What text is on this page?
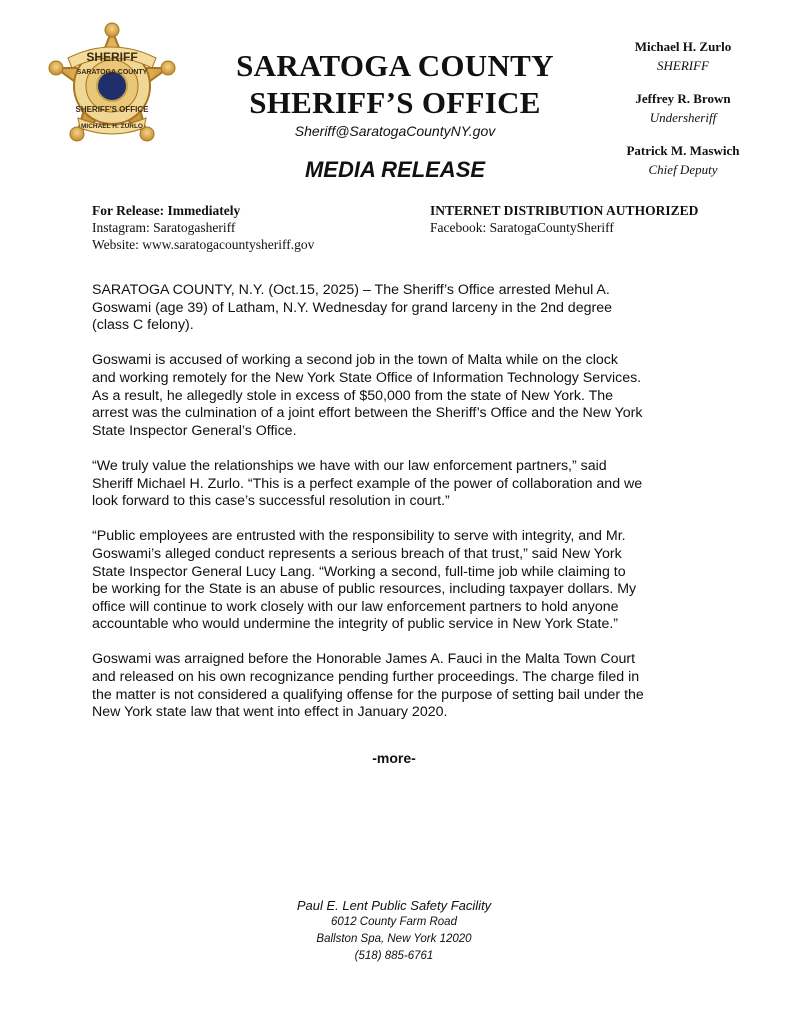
SHERIFF
SARATOGA COUNTY
SHERIFF'S OFFICE
MICHAEL H. ZURLO
SARATOGA COUNTY
SHERIFF’S OFFICE
Sheriff@SaratogaCountyNY.gov
MEDIA RELEASE
Michael H. Zurlo
SHERIFF
Jeffrey R. Brown
Undersheriff
Patrick M. Maswich
Chief Deputy
For Release: Immediately
Instagram: Saratogasheriff
Website: www.saratogacountysheriff.gov
INTERNET DISTRIBUTION AUTHORIZED
Facebook: SaratogaCountySheriff

SARATOGA COUNTY, N.Y. (Oct.15, 2025) – The Sheriff’s Office arrested Mehul A.
Goswami (age 39) of Latham, N.Y. Wednesday for grand larceny in the 2nd degree
(class C felony).

Goswami is accused of working a second job in the town of Malta while on the clock
and working remotely for the New York State Office of Information Technology Services.
As a result, he allegedly stole in excess of $50,000 from the state of New York. The
arrest was the culmination of a joint effort between the Sheriff’s Office and the New York
State Inspector General’s Office.

“We truly value the relationships we have with our law enforcement partners,” said
Sheriff Michael H. Zurlo. “This is a perfect example of the power of collaboration and we
look forward to this case’s successful resolution in court.”

“Public employees are entrusted with the responsibility to serve with integrity, and Mr.
Goswami’s alleged conduct represents a serious breach of that trust,” said New York
State Inspector General Lucy Lang. “Working a second, full-time job while claiming to
be working for the State is an abuse of public resources, including taxpayer dollars. My
office will continue to work closely with our law enforcement partners to hold anyone
accountable who would undermine the integrity of public service in New York State.”

Goswami was arraigned before the Honorable James A. Fauci in the Malta Town Court
and released on his own recognizance pending further proceedings. The charge filed in
the matter is not considered a qualifying offense for the purpose of setting bail under the
New York state law that went into effect in January 2020.

-more-
Paul E. Lent Public Safety Facility
6012 County Farm Road
Ballston Spa, New York 12020
(518) 885-6761
